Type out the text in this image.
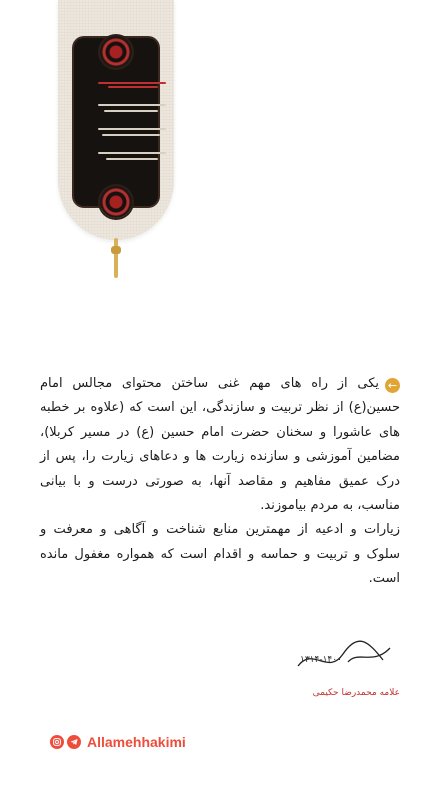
←یکی از راه های مهم غنی ساختن محتوای مجالس امام حسین(ع) از نظر تربیت و سازندگی، این است که (علاوه بر خطبه های عاشورا و سخنان حضرت امام حسین (ع) در مسیر کربلا)، مضامین آموزشی و سازنده زیارت ها و دعاهای زیارت را، پس از درک عمیق مفاهیم و مقاصد آنها، به صورتی درست و با بیانی مناسب، به مردم بیاموزند.

زیارات و ادعیه از مهمترین منابع شناخت و آگاهی و معرفت و سلوک و تربیت و حماسه و اقدام است که همواره مغفول مانده است.

۱۳۱۴-۱۴۰۰
علامه محمدرضا حکیمی
Allamehhakimi
